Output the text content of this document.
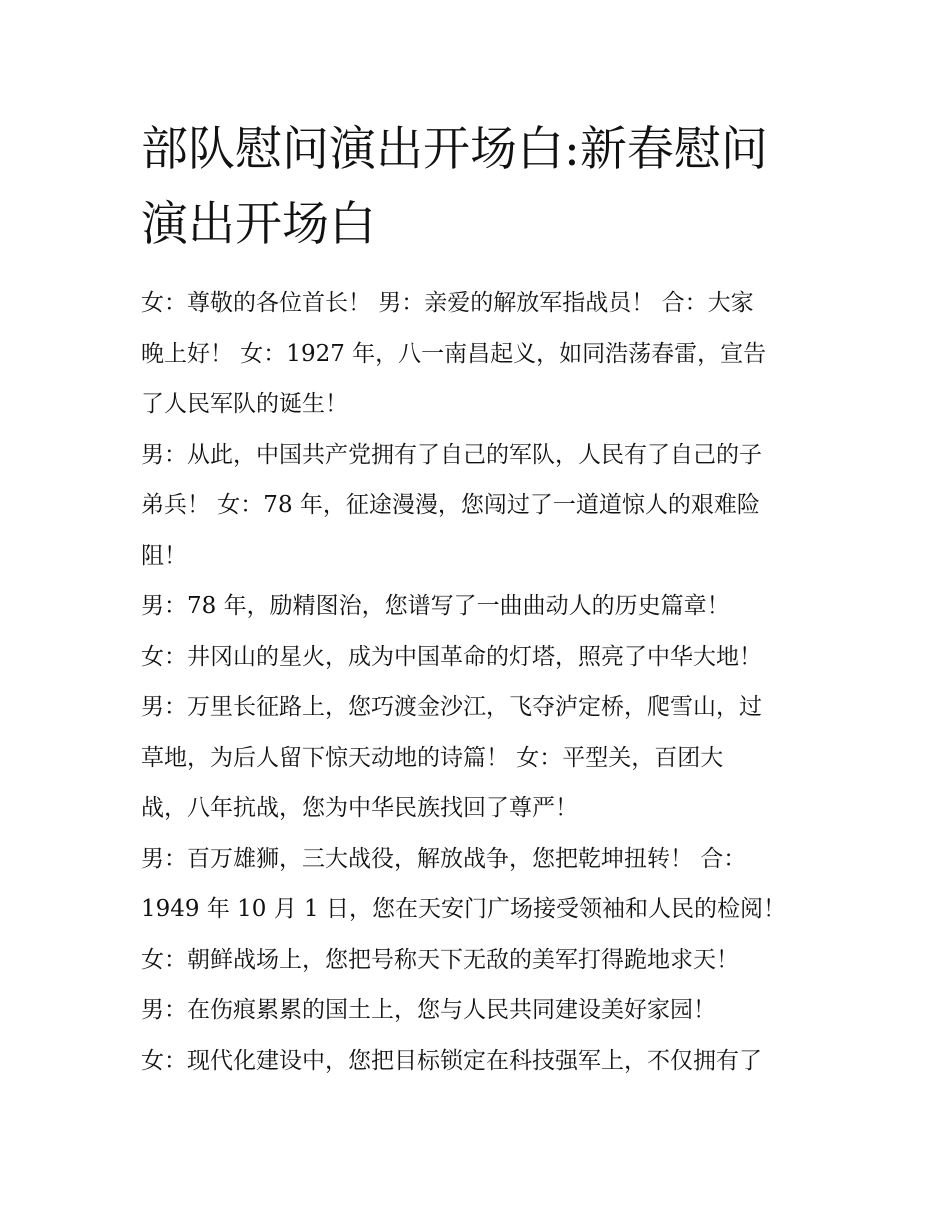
部队慰问演出开场白:新春慰问
演出开场白

女：尊敬的各位首长！ 男：亲爱的解放军指战员！ 合：大家

晚上好！ 女：1927 年，八一南昌起义，如同浩荡春雷，宣告

了人民军队的诞生！

男：从此，中国共产党拥有了自己的军队，人民有了自己的子

弟兵！ 女：78 年，征途漫漫，您闯过了一道道惊人的艰难险

阻！

男：78 年，励精图治，您谱写了一曲曲动人的历史篇章！

女：井冈山的星火，成为中国革命的灯塔，照亮了中华大地！

男：万里长征路上，您巧渡金沙江，飞夺泸定桥，爬雪山，过

草地，为后人留下惊天动地的诗篇！ 女：平型关，百团大

战，八年抗战，您为中华民族找回了尊严！

男：百万雄狮，三大战役，解放战争，您把乾坤扭转！ 合：

1949 年 10 月 1 日，您在天安门广场接受领袖和人民的检阅！

女：朝鲜战场上，您把号称天下无敌的美军打得跪地求天！

男：在伤痕累累的国土上，您与人民共同建设美好家园！

女：现代化建设中，您把目标锁定在科技强军上，不仅拥有了
